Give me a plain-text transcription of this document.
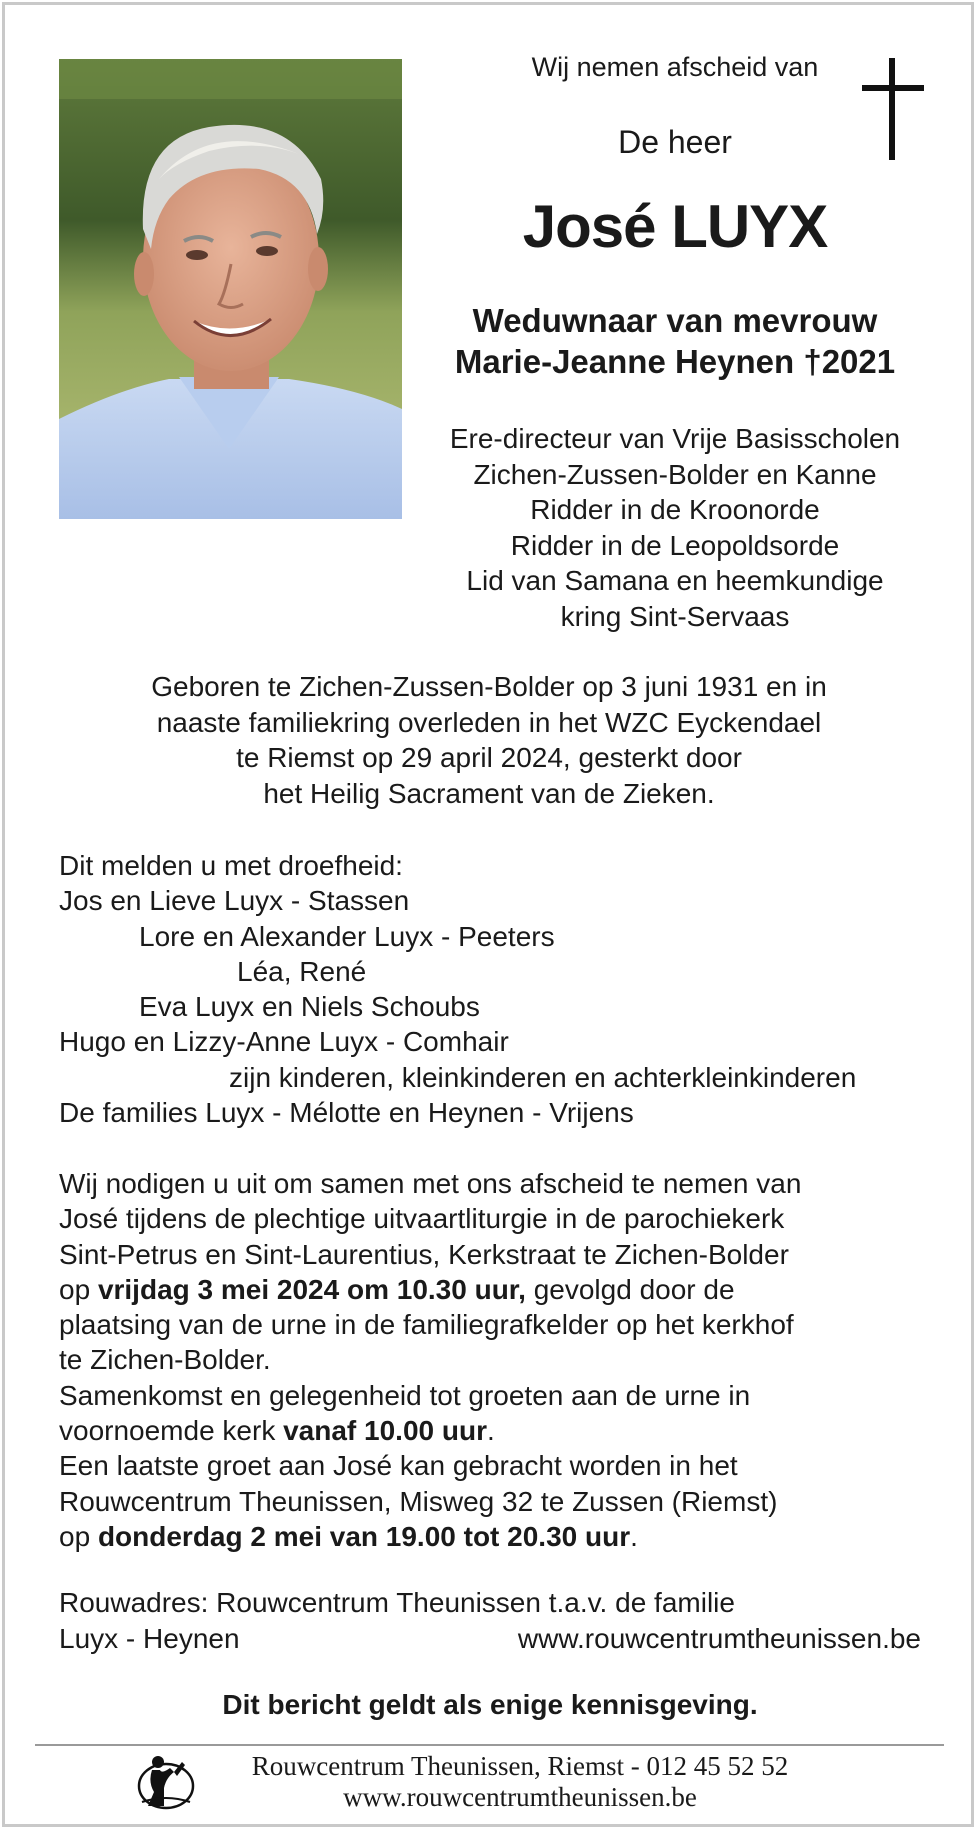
Wij nemen afscheid van
De heer
José LUYX
Weduwnaar van mevrouw
Marie-Jeanne Heynen †2021
Ere-directeur van Vrije Basisscholen
Zichen-Zussen-Bolder en Kanne
Ridder in de Kroonorde
Ridder in de Leopoldsorde
Lid van Samana en heemkundige
kring Sint-Servaas
Geboren te Zichen-Zussen-Bolder op 3 juni 1931 en in
naaste familiekring overleden in het WZC Eyckendael
te Riemst op 29 april 2024, gesterkt door
het Heilig Sacrament van de Zieken.
Dit melden u met droefheid:
Jos en Lieve Luyx - Stassen
Lore en Alexander Luyx - Peeters
Léa, René
Eva Luyx en Niels Schoubs
Hugo en Lizzy-Anne Luyx - Comhair
zijn kinderen, kleinkinderen en achterkleinkinderen
De families Luyx - Mélotte en Heynen - Vrijens
Wij nodigen u uit om samen met ons afscheid te nemen van
José tijdens de plechtige uitvaartliturgie in de parochiekerk
Sint-Petrus en Sint-Laurentius, Kerkstraat te Zichen-Bolder
op vrijdag 3 mei 2024 om 10.30 uur, gevolgd door de
plaatsing van de urne in de familiegrafkelder op het kerkhof
te Zichen-Bolder.
Samenkomst en gelegenheid tot groeten aan de urne in
voornoemde kerk vanaf 10.00 uur.
Een laatste groet aan José kan gebracht worden in het
Rouwcentrum Theunissen, Misweg 32 te Zussen (Riemst)
op donderdag 2 mei van 19.00 tot 20.30 uur.
Rouwadres: Rouwcentrum Theunissen t.a.v. de familie
Luyx - Heynen	www.rouwcentrumtheunissen.be
Dit bericht geldt als enige kennisgeving.
Rouwcentrum Theunissen, Riemst - 012 45 52 52
www.rouwcentrumtheunissen.be
